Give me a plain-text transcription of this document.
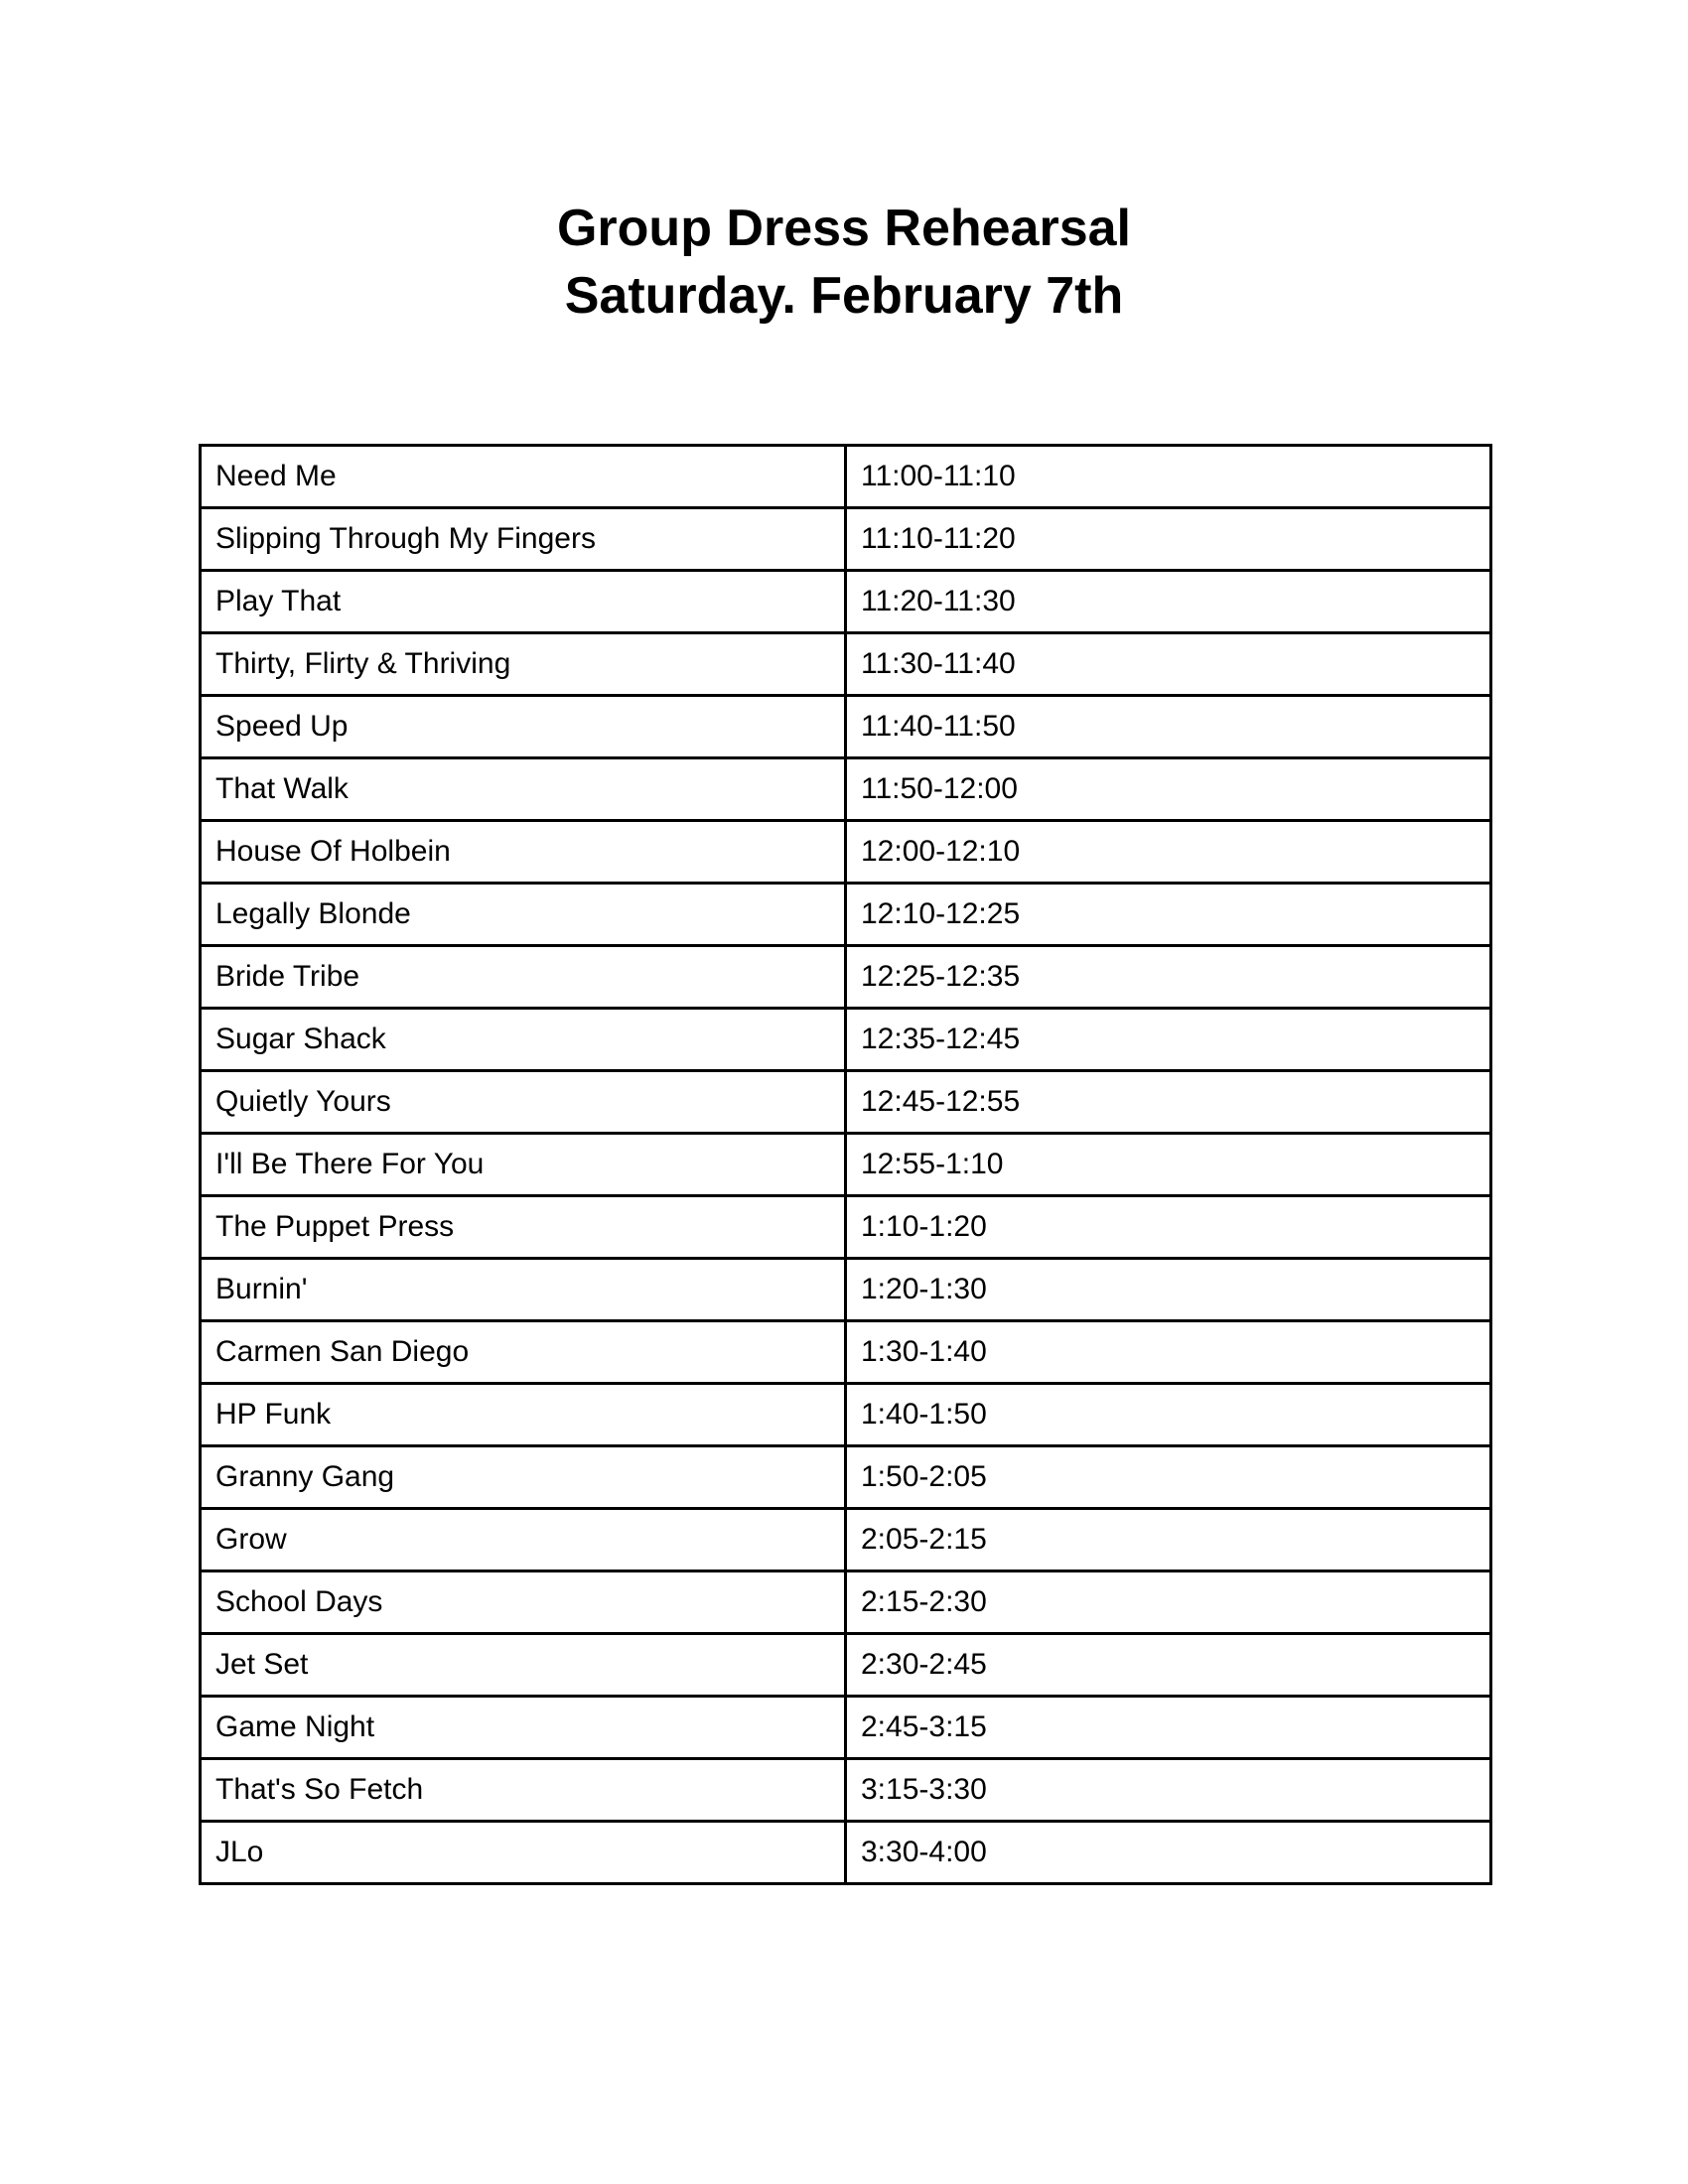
Group Dress Rehearsal

Saturday. February 7th

Need Me	11:00-11:10
Slipping Through My Fingers	11:10-11:20
Play That	11:20-11:30
Thirty, Flirty & Thriving	11:30-11:40
Speed Up	11:40-11:50
That Walk	11:50-12:00
House Of Holbein	12:00-12:10
Legally Blonde	12:10-12:25
Bride Tribe	12:25-12:35
Sugar Shack	12:35-12:45
Quietly Yours	12:45-12:55
I'll Be There For You	12:55-1:10
The Puppet Press	1:10-1:20
Burnin'	1:20-1:30
Carmen San Diego	1:30-1:40
HP Funk	1:40-1:50
Granny Gang	1:50-2:05
Grow	2:05-2:15
School Days	2:15-2:30
Jet Set	2:30-2:45
Game Night	2:45-3:15
That's So Fetch	3:15-3:30
JLo	3:30-4:00
